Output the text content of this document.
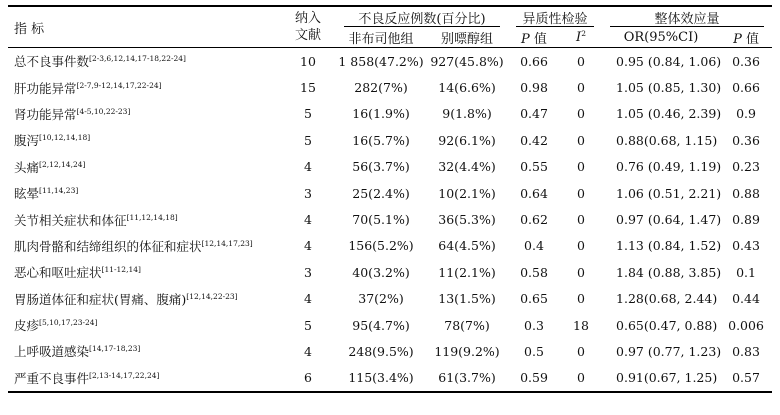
指 标	纳入
文献	不良反应例数(百分比)		异质性检验		整体效应量	

		非布司他组	别嘌醇组	P 值	$I^2$	OR(95%CI)	P 值
总不良事件数[2-3,6,12,14,17-18,22-24]	10	1 858(47.2%)	927(45.8%)	0.66	0	0.95 (0.84, 1.06)	0.36
肝功能异常[2-7,9-12,14,17,22-24]	15	282(7%)	14(6.6%)	0.98	0	1.05 (0.85, 1.30)	0.66
肾功能异常[4-5,10,22-23]	5	16(1.9%)	9(1.8%)	0.47	0	1.05 (0.46, 2.39)	0.9
腹泻[10,12,14,18]	5	16(5.7%)	92(6.1%)	0.42	0	0.88(0.68, 1.15)	0.36
头痛[2,12,14,24]	4	56(3.7%)	32(4.4%)	0.55	0	0.76 (0.49, 1.19)	0.23
眩晕[11,14,23]	3	25(2.4%)	10(2.1%)	0.64	0	1.06 (0.51, 2.21)	0.88
关节相关症状和体征[11,12,14,18]	4	70(5.1%)	36(5.3%)	0.62	0	0.97 (0.64, 1.47)	0.89
肌肉骨骼和结缔组织的体征和症状[12,14,17,23]	4	156(5.2%)	64(4.5%)	0.4	0	1.13 (0.84, 1.52)	0.43
恶心和呕吐症状[11-12,14]	3	40(3.2%)	11(2.1%)	0.58	0	1.84 (0.88, 3.85)	0.1
胃肠道体征和症状(胃痛、腹痛)[12,14,22-23]	4	37(2%)	13(1.5%)	0.65	0	1.28(0.68, 2.44)	0.44
皮疹[5,10,17,23-24]	5	95(4.7%)	78(7%)	0.3	18	0.65(0.47, 0.88)	0.006
上呼吸道感染[14,17-18,23]	4	248(9.5%)	119(9.2%)	0.5	0	0.97 (0.77, 1.23)	0.83
严重不良事件[2,13-14,17,22,24]	6	115(3.4%)	61(3.7%)	0.59	0	0.91(0.67, 1.25)	0.57
